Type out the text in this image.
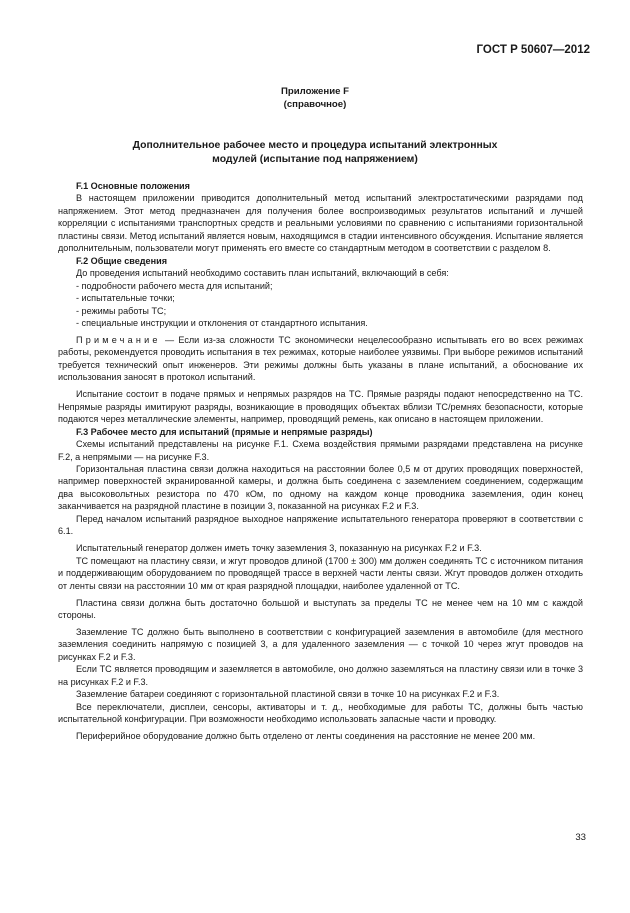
ГОСТ Р 50607—2012
Приложение F
(справочное)
Дополнительное рабочее место и процедура испытаний электронных
модулей (испытание под напряжением)

F.1 Основные положения

В настоящем приложении приводится дополнительный метод испытаний электростатическими разрядами под напряжением. Этот метод предназначен для получения более воспроизводимых результатов испытаний и лучшей корреляции с испытаниями транспортных средств и реальными условиями по сравнению с испытаниями горизонтальной пластины связи. Метод испытаний является новым, находящимся в стадии интенсивного обсуждения. Испытание является дополнительным, пользователи могут применять его вместе со стандартным методом в соответствии с разделом 8.

F.2 Общие сведения

До проведения испытаний необходимо составить план испытаний, включающий в себя:

- подробности рабочего места для испытаний;

- испытательные точки;

- режимы работы ТС;

- специальные инструкции и отклонения от стандартного испытания.

Примечание — Если из-за сложности ТС экономически нецелесообразно испытывать его во всех режимах работы, рекомендуется проводить испытания в тех режимах, которые наиболее уязвимы. При выборе режимов испытаний требуется технический опыт инженеров. Эти режимы должны быть указаны в плане испытаний, а обоснование их использования заносят в протокол испытаний.

Испытание состоит в подаче прямых и непрямых разрядов на ТС. Прямые разряды подают непосредственно на ТС. Непрямые разряды имитируют разряды, возникающие в проводящих объектах вблизи ТС/ремнях безопасности, которые подаются через металлические элементы, например, проводящий ремень, как описано в настоящем приложении.

F.3 Рабочее место для испытаний (прямые и непрямые разряды)

Схемы испытаний представлены на рисунке F.1. Схема воздействия прямыми разрядами представлена на рисунке F.2, а непрямыми — на рисунке F.3.

Горизонтальная пластина связи должна находиться на расстоянии более 0,5 м от других проводящих поверхностей, например поверхностей экранированной камеры, и должна быть соединена с заземлением соединением, содержащим два высоковольтных резистора по 470 кОм, по одному на каждом конце проводника заземления, один конец заканчивается на разрядной пластине в позиции 3, показанной на рисунках F.2 и F.3.

Перед началом испытаний разрядное выходное напряжение испытательного генератора проверяют в соответствии с 6.1.

Испытательный генератор должен иметь точку заземления 3, показанную на рисунках F.2 и F.3.

ТС помещают на пластину связи, и жгут проводов длиной (1700 ± 300) мм должен соединять ТС с источником питания и поддерживающим оборудованием по проводящей трассе в верхней части ленты связи. Жгут проводов должен отходить от ленты связи на расстоянии 10 мм от края разрядной площадки, наиболее удаленной от ТС.

Пластина связи должна быть достаточно большой и выступать за пределы ТС не менее чем на 10 мм с каждой стороны.

Заземление ТС должно быть выполнено в соответствии с конфигурацией заземления в автомобиле (для местного заземления соединить напрямую с позицией 3, а для удаленного заземления — с точкой 10 через жгут проводов на рисунках F.2 и F.3.

Если ТС является проводящим и заземляется в автомобиле, оно должно заземляться на пластину связи или в точке 3 на рисунках F.2 и F.3.

Заземление батареи соединяют с горизонтальной пластиной связи в точке 10 на рисунках F.2 и F.3.

Все переключатели, дисплеи, сенсоры, активаторы и т. д., необходимые для работы ТС, должны быть частью испытательной конфигурации. При возможности необходимо использовать запасные части и проводку.

Периферийное оборудование должно быть отделено от ленты соединения на расстояние не менее 200 мм.

33
